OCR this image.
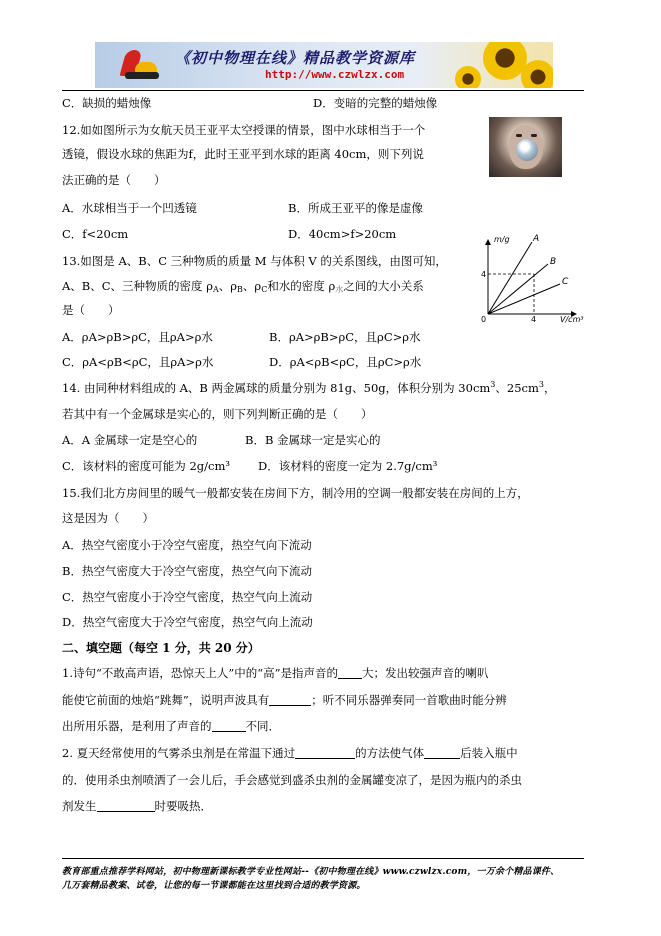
《初中物理在线》精品教学资源库
http://www.czwlzx.com
C．缺损的蜡烛像	D．变暗的完整的蜡烛像
12.如如图所示为女航天员王亚平太空授课的情景，图中水球相当于一个
透镜，假设水球的焦距为f，此时王亚平到水球的距离 40cm，则下列说
法正确的是（　　）
A．水球相当于一个凹透镜	B．所成王亚平的像是虚像
C．f<20cm	D．40cm>f>20cm
13.如图是 A、B、C 三种物质的质量 M 与体积 V 的关系图线，由图可知，
A、B、C、三种物质的密度 $\rho_A$、$\rho_B$、$\rho_C$和水的密度 ρ水之间的大小关系
是（　　）
m/g
V/cm³
0
4
4
A
B
C
A．ρA>ρB>ρC，且ρA>ρ水	B．ρA>ρB>ρC，且ρC>ρ水
C．ρA<ρB<ρC，且ρA>ρ水	D．ρA<ρB<ρC，且ρC>ρ水
14. 由同种材料组成的 A、B 两金属球的质量分别为 81g、50g，体积分别为 $30cm^3$、$25cm^3$，
若其中有一个金属球是实心的，则下列判断正确的是（　　）
A．A 金属球一定是空心的	B．B 金属球一定是实心的
C．该材料的密度可能为 2g/cm³ D．该材料的密度一定为 2.7g/cm³
15.我们北方房间里的暖气一般都安装在房间下方，制冷用的空调一般都安装在房间的上方，
这是因为（　　）
A．热空气密度小于冷空气密度，热空气向下流动
B．热空气密度大于冷空气密度，热空气向下流动
C．热空气密度小于冷空气密度，热空气向上流动
D．热空气密度大于冷空气密度，热空气向上流动
二、填空题（每空 1 分，共 20 分）
1.诗句“不敢高声语，恐惊天上人”中的“高”是指声音的 大；发出较强声音的喇叭
能使它前面的烛焰“跳舞”，说明声波具有	；听不同乐器弹奏同一首歌曲时能分辨
出所用乐器，是利用了声音的	不同．
2. 夏天经常使用的气雾杀虫剂是在常温下通过	的方法使气体	后装入瓶中
的．使用杀虫剂喷洒了一会儿后，手会感觉到盛杀虫剂的金属罐变凉了，是因为瓶内的杀虫
剂发生	时要吸热．
教育部重点推荐学科网站，初中物理新课标教学专业性网站--《初中物理在线》www.czwlzx.com，一万余个精品课件、
几万套精品教案、试卷，让您的每一节课都能在这里找到合适的教学资源。
